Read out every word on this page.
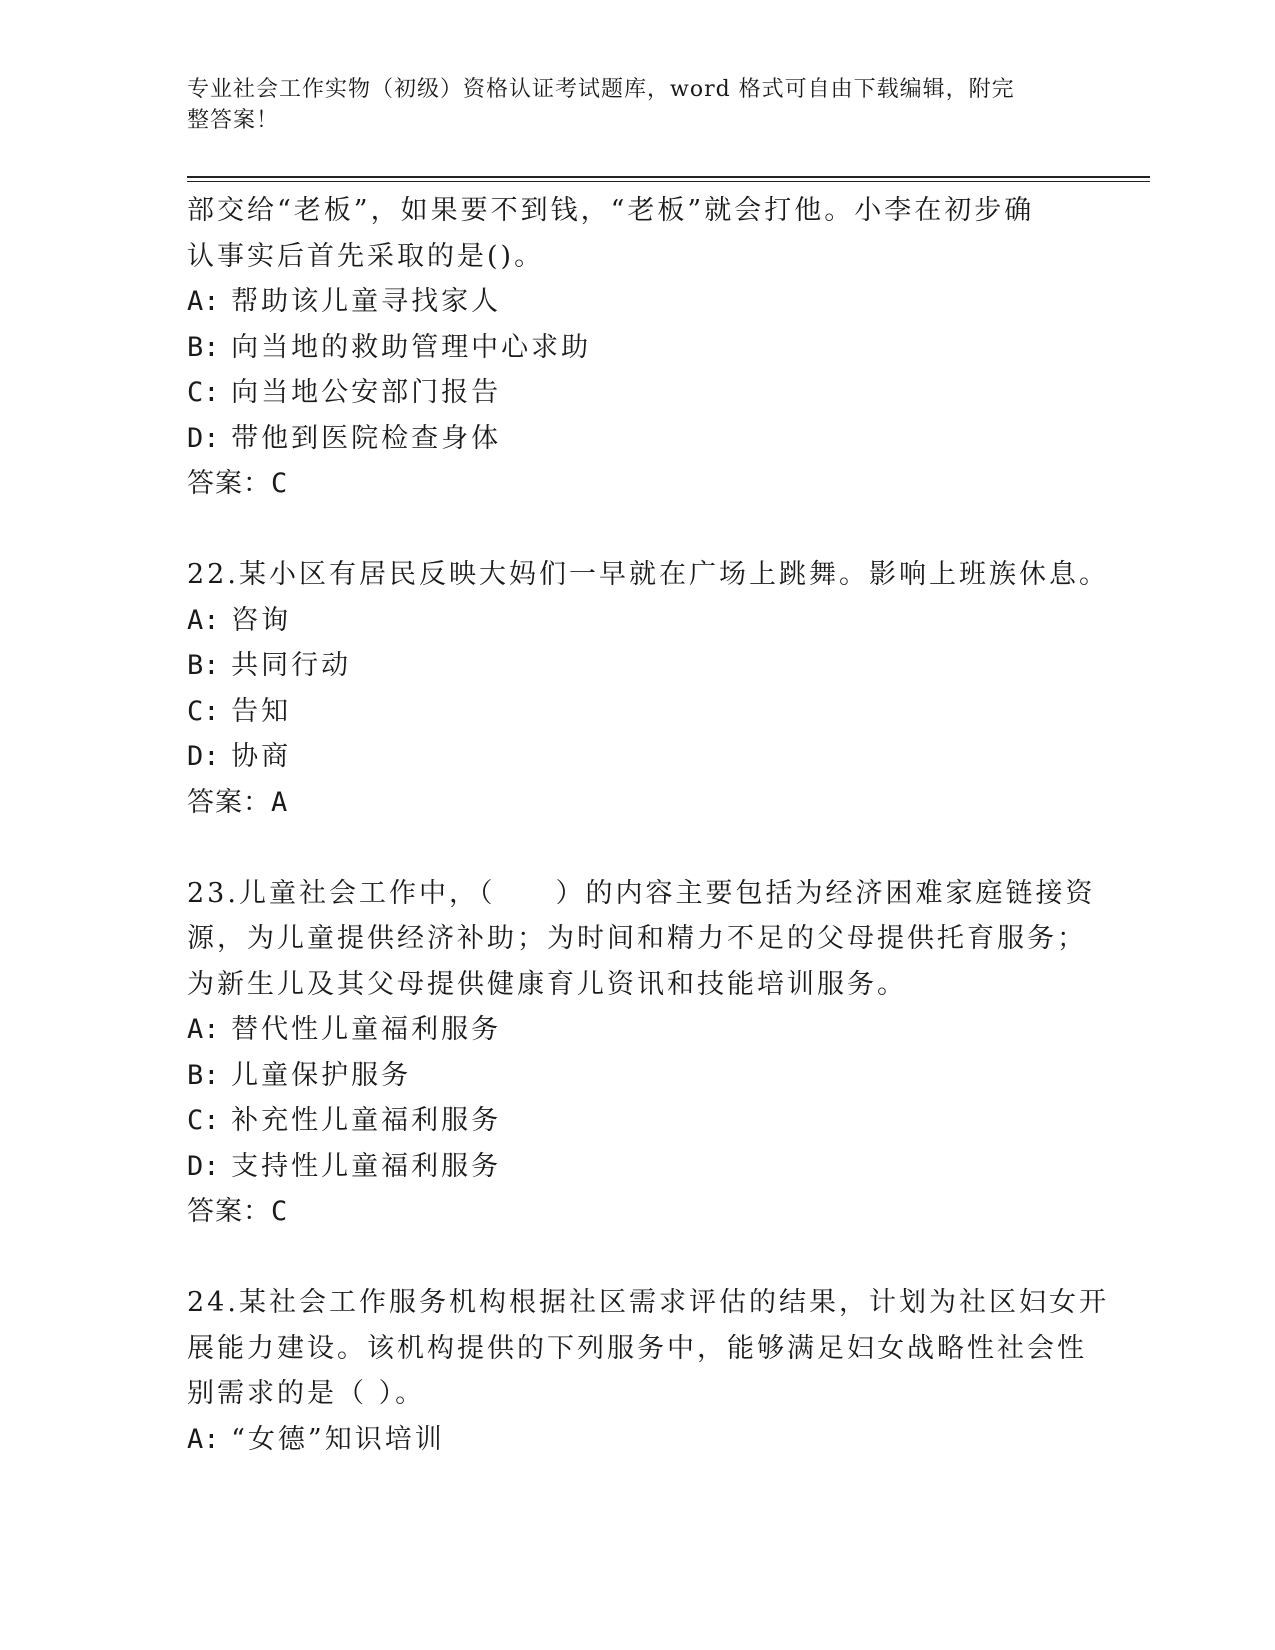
专业社会工作实物（初级）资格认证考试题库，word 格式可自由下载编辑，附完
整答案！

部交给“老板”，如果要不到钱，“老板”就会打他。小李在初步确

认事实后首先采取的是()。

A: 帮助该儿童寻找家人

B: 向当地的救助管理中心求助

C: 向当地公安部门报告

D: 带他到医院检查身体

答案：C

22.某小区有居民反映大妈们一早就在广场上跳舞。影响上班族休息。

A: 咨询

B: 共同行动

C: 告知

D: 协商

答案：A

23.儿童社会工作中，（　　）的内容主要包括为经济困难家庭链接资

源，为儿童提供经济补助；为时间和精力不足的父母提供托育服务；

为新生儿及其父母提供健康育儿资讯和技能培训服务。

A: 替代性儿童福利服务

B: 儿童保护服务

C: 补充性儿童福利服务

D: 支持性儿童福利服务

答案：C

24.某社会工作服务机构根据社区需求评估的结果，计划为社区妇女开

展能力建设。该机构提供的下列服务中，能够满足妇女战略性社会性

别需求的是（ ）。

A: “女德”知识培训
